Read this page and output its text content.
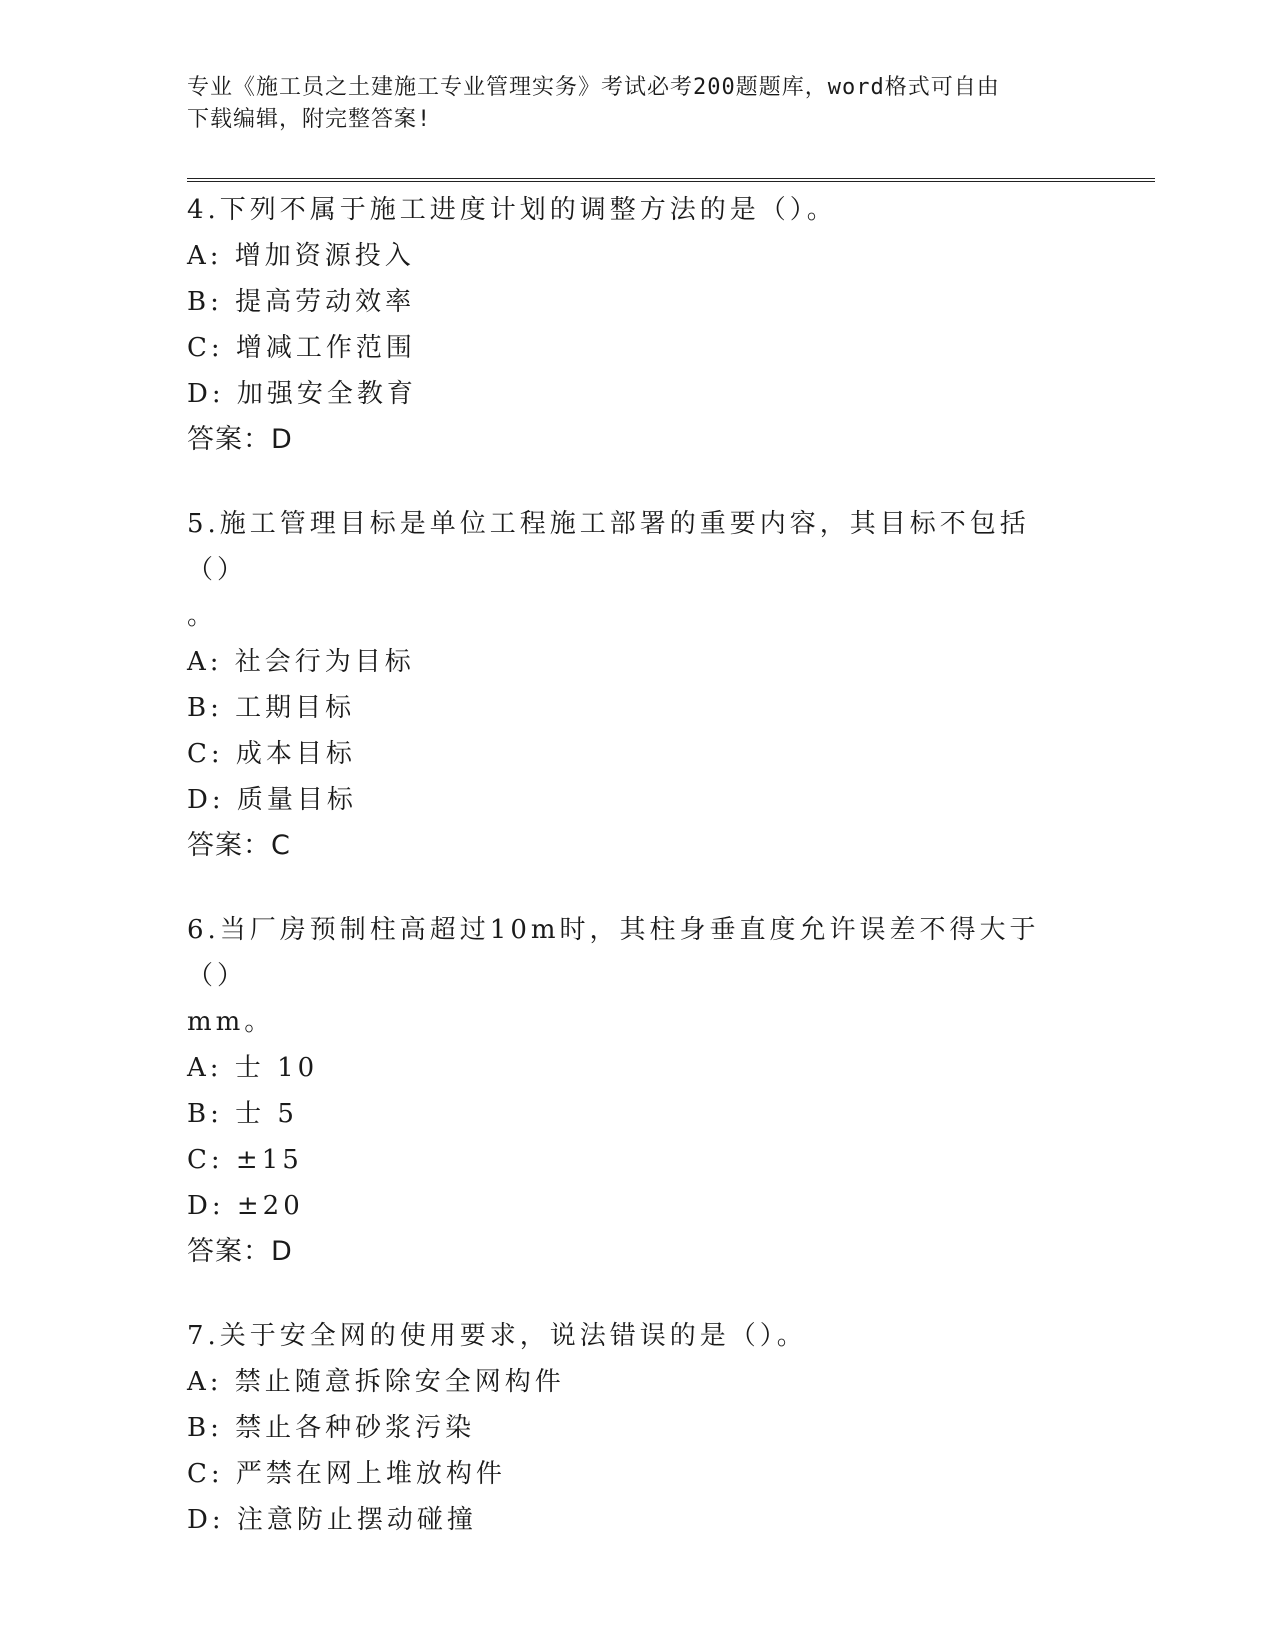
专业《施工员之土建施工专业管理实务》考试必考200题题库，word格式可自由
下载编辑，附完整答案!
4.下列不属于施工进度计划的调整方法的是（）。
A: 增加资源投入
B: 提高劳动效率
C: 增减工作范围
D: 加强安全教育
答案：D
5.施工管理目标是单位工程施工部署的重要内容，其目标不包括（）
。
A: 社会行为目标
B: 工期目标
C: 成本目标
D: 质量目标
答案：C
6.当厂房预制柱高超过10m时，其柱身垂直度允许误差不得大于（）
mm。
A: 士 10
B: 士 5
C: ±15
D: ±20
答案：D
7.关于安全网的使用要求，说法错误的是（）。
A: 禁止随意拆除安全网构件
B: 禁止各种砂浆污染
C: 严禁在网上堆放构件
D: 注意防止摆动碰撞
